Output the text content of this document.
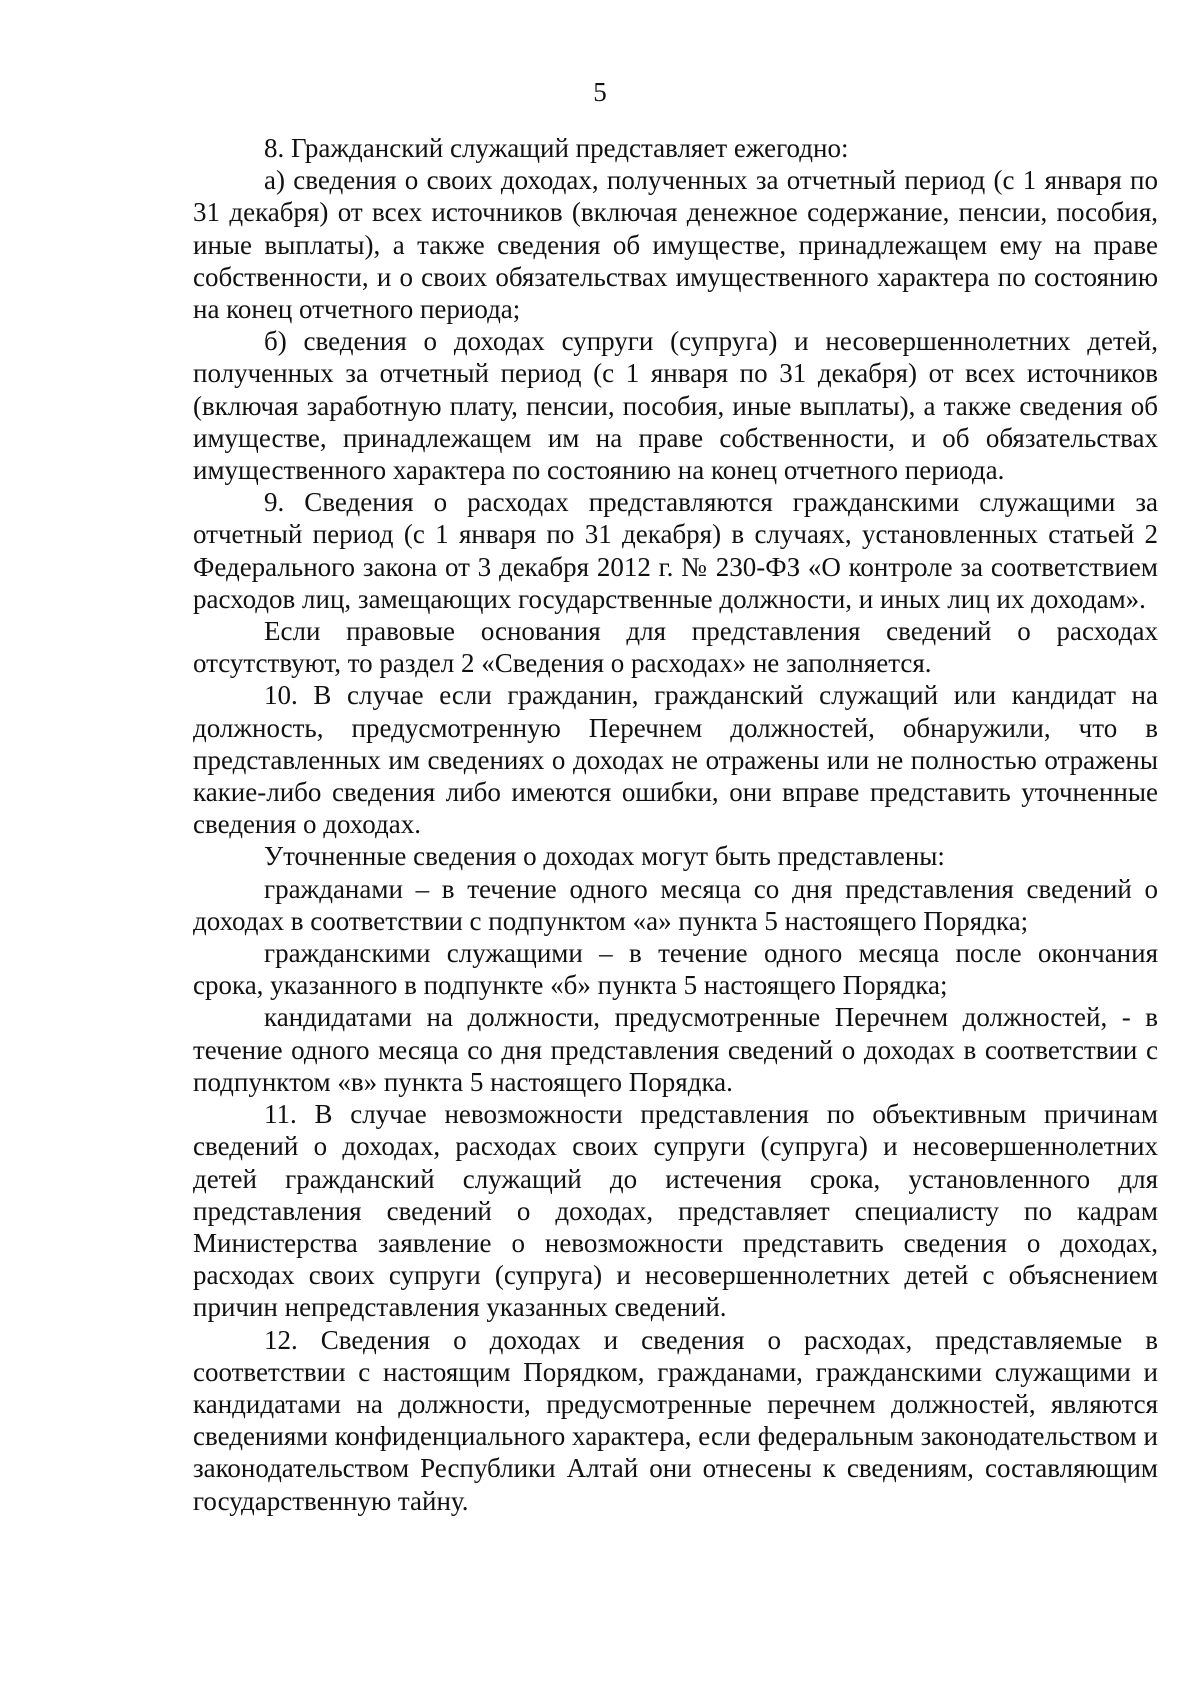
5

8. Гражданский служащий представляет ежегодно:

а) сведения о своих доходах, полученных за отчетный период (с 1 января по 31 декабря) от всех источников (включая денежное содержание, пенсии, пособия, иные выплаты), а также сведения об имуществе, принадлежащем ему на праве собственности, и о своих обязательствах имущественного характера по состоянию на конец отчетного периода;

б) сведения о доходах супруги (супруга) и несовершеннолетних детей, полученных за отчетный период (с 1 января по 31 декабря) от всех источников (включая заработную плату, пенсии, пособия, иные выплаты), а также сведения об имуществе, принадлежащем им на праве собственности, и об обязательствах имущественного характера по состоянию на конец отчетного периода.

9. Сведения о расходах представляются гражданскими служащими за отчетный период (с 1 января по 31 декабря) в случаях, установленных статьей 2 Федерального закона от 3 декабря 2012 г. № 230-ФЗ «О контроле за соответствием расходов лиц, замещающих государственные должности, и иных лиц их доходам».

Если правовые основания для представления сведений о расходах отсутствуют, то раздел 2 «Сведения о расходах» не заполняется.

10. В случае если гражданин, гражданский служащий или кандидат на должность, предусмотренную Перечнем должностей, обнаружили, что в представленных им сведениях о доходах не отражены или не полностью отражены какие-либо сведения либо имеются ошибки, они вправе представить уточненные сведения о доходах.

Уточненные сведения о доходах могут быть представлены:

гражданами – в течение одного месяца со дня представления сведений о доходах в соответствии с подпунктом «а» пункта 5 настоящего Порядка;

гражданскими служащими – в течение одного месяца после окончания срока, указанного в подпункте «б» пункта 5 настоящего Порядка;

кандидатами на должности, предусмотренные Перечнем должностей, - в течение одного месяца со дня представления сведений о доходах в соответствии с подпунктом «в» пункта 5 настоящего Порядка.

11. В случае невозможности представления по объективным причинам сведений о доходах, расходах своих супруги (супруга) и несовершеннолетних детей гражданский служащий до истечения срока, установленного для представления сведений о доходах, представляет специалисту по кадрам Министерства заявление о невозможности представить сведения о доходах, расходах своих супруги (супруга) и несовершеннолетних детей с объяснением причин непредставления указанных сведений.

12. Сведения о доходах и сведения о расходах, представляемые в соответствии с настоящим Порядком, гражданами, гражданскими служащими и кандидатами на должности, предусмотренные перечнем должностей, являются сведениями конфиденциального характера, если федеральным законодательством и законодательством Республики Алтай они отнесены к сведениям, составляющим государственную тайну.
